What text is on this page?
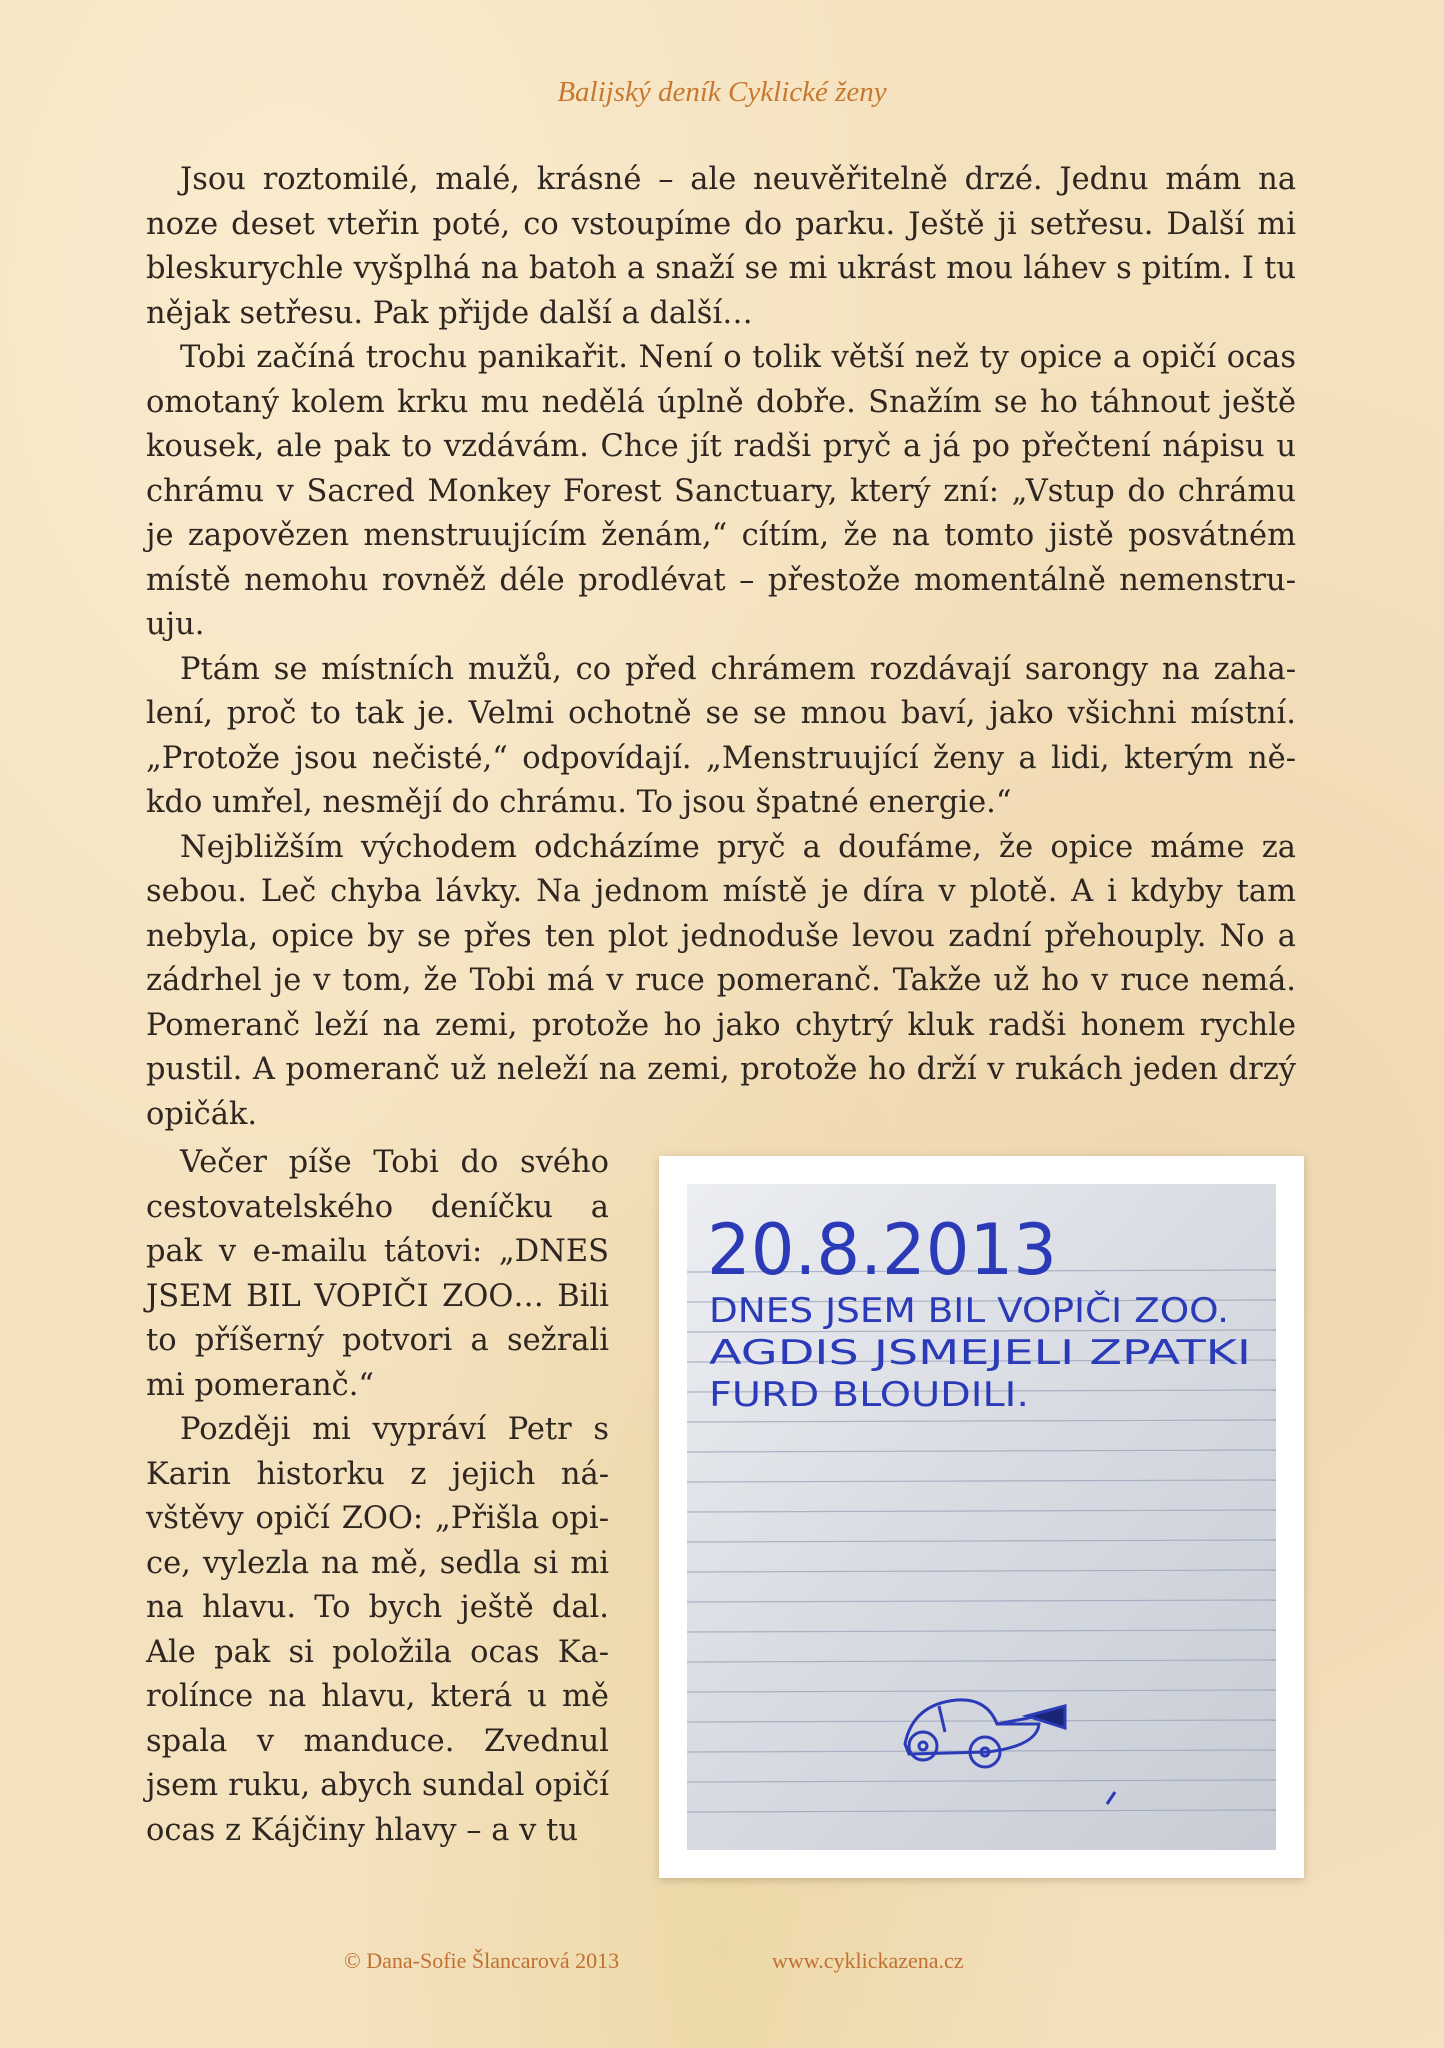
Balijský deník Cyklické ženy

Jsou roztomilé, malé, krásné – ale neuvěřitelně drzé. Jednu mám na noze deset vteřin poté, co vstoupíme do parku. Ještě ji setřesu. Další mi bleskurychle vyšplhá na batoh a snaží se mi ukrást mou láhev s pitím. I tu nějak setřesu. Pak přijde další a další…

Tobi začíná trochu panikařit. Není o tolik větší než ty opice a opičí ocas omotaný kolem krku mu nedělá úplně dobře. Snažím se ho táhnout ještě kousek, ale pak to vzdávám. Chce jít radši pryč a já po přečtení nápisu u chrámu v Sacred Monkey Forest Sanctuary, který zní: „Vstup do chrámu je zapovězen menstruujícím ženám,“ cítím, že na tomto jistě posvátném místě nemohu rovněž déle prodlévat – přestože momentálně nemenstruuju.

Ptám se místních mužů, co před chrámem rozdávají sarongy na zahalení, proč to tak je. Velmi ochotně se se mnou baví, jako všichni místní. „Protože jsou nečisté,“ odpovídají. „Menstruující ženy a lidi, kterým někdo umřel, nesmějí do chrámu. To jsou špatné energie.“

Nejbližším východem odcházíme pryč a doufáme, že opice máme za sebou. Leč chyba lávky. Na jednom místě je díra v plotě. A i kdyby tam nebyla, opice by se přes ten plot jednoduše levou zadní přehouply. No a zádrhel je v tom, že Tobi má v ruce pomeranč. Takže už ho v ruce nemá. Pomeranč leží na zemi, protože ho jako chytrý kluk radši honem rychle pustil. A pomeranč už neleží na zemi, protože ho drží v rukách jeden drzý opičák.

Večer píše Tobi do svého cestovatelského deníčku a pak v e-mailu tátovi: „DNES JSEM BIL VOPIČI ZOO… Bili to příšerný potvori a sežrali mi pomeranč.“

Později mi vypráví Petr s Karin historku z jejich návštěvy opičí ZOO: „Přišla opice, vylezla na mě, sedla si mi na hlavu. To bych ještě dal. Ale pak si položila ocas Karolínce na hlavu, která u mě spala v manduce. Zvednul jsem ruku, abych sundal opičí ocas z Kájčiny hlavy – a v tu

20.8.2013
DNES JSEM BIL VOPIČI ZOO.
AGDIS JSMEJELI ZPATKI
FURD BLOUDILI.
© Dana-Sofie Šlancarová 2013 34 www.cyklickazena.cz
